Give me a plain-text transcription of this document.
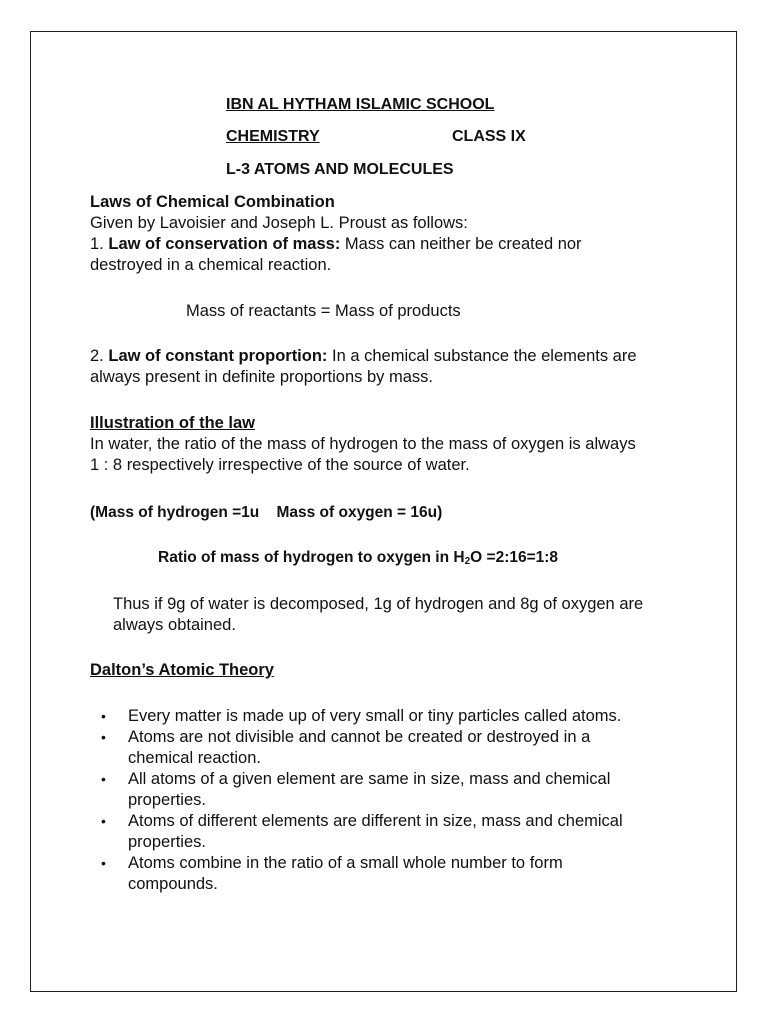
IBN AL HYTHAM ISLAMIC SCHOOL
CHEMISTRY	CLASS IX
L-3 ATOMS AND MOLECULES
Laws of Chemical Combination
Given by Lavoisier and Joseph L. Proust as follows:
1. Law of conservation of mass: Mass can neither be created nor
destroyed in a chemical reaction.
Mass of reactants = Mass of products
2. Law of constant proportion: In a chemical substance the elements are
always present in definite proportions by mass.
Illustration of the law
In water, the ratio of the mass of hydrogen to the mass of oxygen is always
1 : 8 respectively irrespective of the source of water.
(Mass of hydrogen =1u    Mass of oxygen = 16u)
Ratio of mass of hydrogen to oxygen in $H_2O$ =2:16=1:8
Thus if 9g of water is decomposed, 1g of hydrogen and 8g of oxygen are
always obtained.
Dalton’s Atomic Theory
• Every matter is made up of very small or tiny particles called atoms.
• Atoms are not divisible and cannot be created or destroyed in a
chemical reaction.
• All atoms of a given element are same in size, mass and chemical
properties.
• Atoms of different elements are different in size, mass and chemical
properties.
• Atoms combine in the ratio of a small whole number to form
compounds.
